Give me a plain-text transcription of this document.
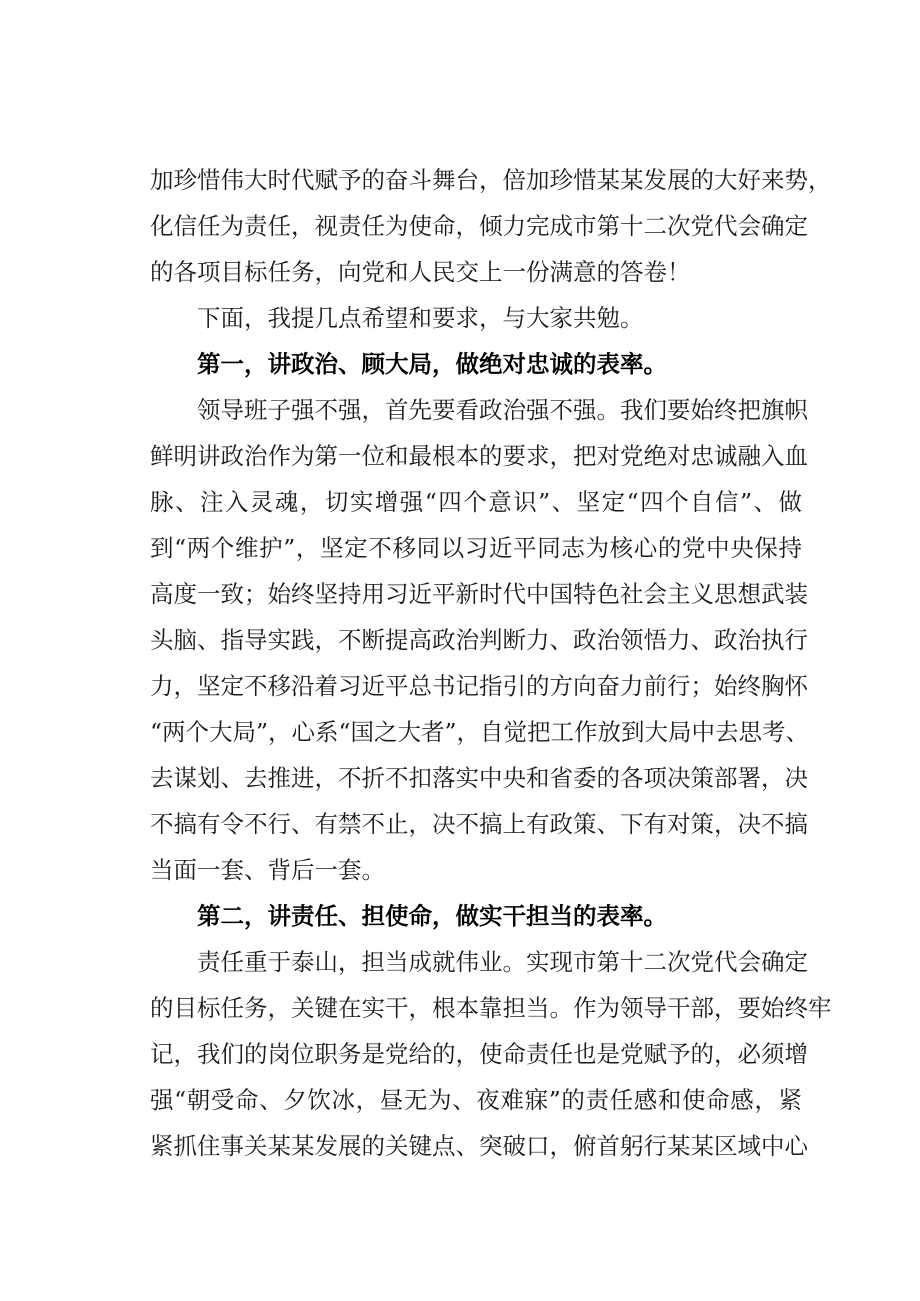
加珍惜伟大时代赋予的奋斗舞台，倍加珍惜某某发展的大好来势，

化信任为责任，视责任为使命，倾力完成市第十二次党代会确定

的各项目标任务，向党和人民交上一份满意的答卷！

下面，我提几点希望和要求，与大家共勉。

第一，讲政治、顾大局，做绝对忠诚的表率。

领导班子强不强，首先要看政治强不强。我们要始终把旗帜

鲜明讲政治作为第一位和最根本的要求，把对党绝对忠诚融入血

脉、注入灵魂，切实增强“四个意识”、坚定“四个自信”、做

到“两个维护”，坚定不移同以习近平同志为核心的党中央保持

高度一致；始终坚持用习近平新时代中国特色社会主义思想武装

头脑、指导实践，不断提高政治判断力、政治领悟力、政治执行

力，坚定不移沿着习近平总书记指引的方向奋力前行；始终胸怀

“两个大局”，心系“国之大者”，自觉把工作放到大局中去思考、

去谋划、去推进，不折不扣落实中央和省委的各项决策部署，决

不搞有令不行、有禁不止，决不搞上有政策、下有对策，决不搞

当面一套、背后一套。

第二，讲责任、担使命，做实干担当的表率。

责任重于泰山，担当成就伟业。实现市第十二次党代会确定

的目标任务，关键在实干，根本靠担当。作为领导干部，要始终牢

记，我们的岗位职务是党给的，使命责任也是党赋予的，必须增

强“朝受命、夕饮冰，昼无为、夜难寐”的责任感和使命感，紧

紧抓住事关某某发展的关键点、突破口，俯首躬行某某区域中心
